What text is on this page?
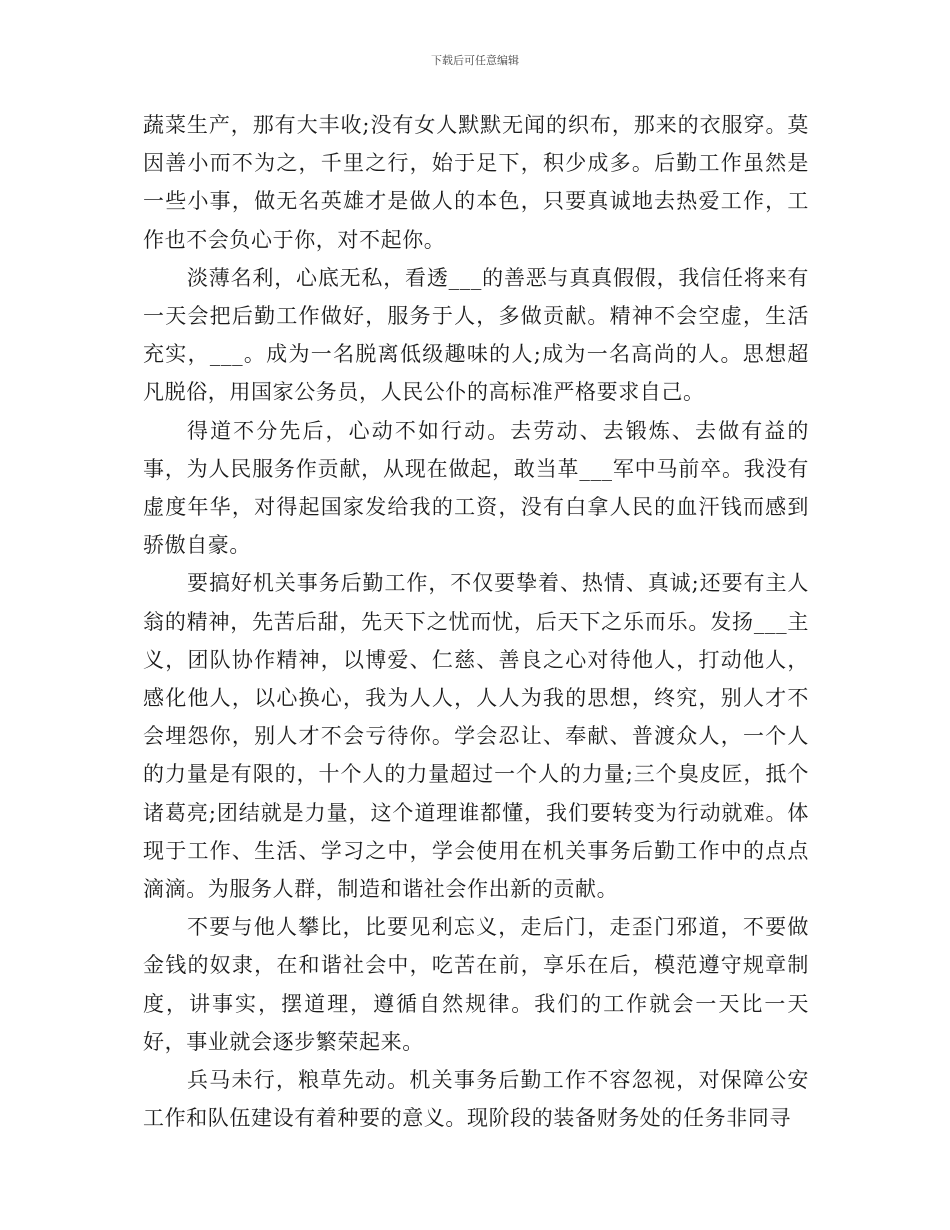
下载后可任意编辑

蔬菜生产，那有大丰收;没有女人默默无闻的织布，那来的衣服穿。莫因善小而不为之，千里之行，始于足下，积少成多。后勤工作虽然是一些小事，做无名英雄才是做人的本色，只要真诚地去热爱工作，工作也不会负心于你，对不起你。

淡薄名利，心底无私，看透___的善恶与真真假假，我信任将来有一天会把后勤工作做好，服务于人，多做贡献。精神不会空虚，生活充实，___。成为一名脱离低级趣味的人;成为一名高尚的人。思想超凡脱俗，用国家公务员，人民公仆的高标准严格要求自己。

得道不分先后，心动不如行动。去劳动、去锻炼、去做有益的事，为人民服务作贡献，从现在做起，敢当革___军中马前卒。我没有虚度年华，对得起国家发给我的工资，没有白拿人民的血汗钱而感到骄傲自豪。

要搞好机关事务后勤工作，不仅要挚着、热情、真诚;还要有主人翁的精神，先苦后甜，先天下之忧而忧，后天下之乐而乐。发扬___主义，团队协作精神，以博爱、仁慈、善良之心对待他人，打动他人，感化他人，以心换心，我为人人，人人为我的思想，终究，别人才不会埋怨你，别人才不会亏待你。学会忍让、奉献、普渡众人，一个人的力量是有限的，十个人的力量超过一个人的力量;三个臭皮匠，抵个诸葛亮;团结就是力量，这个道理谁都懂，我们要转变为行动就难。体现于工作、生活、学习之中，学会使用在机关事务后勤工作中的点点滴滴。为服务人群，制造和谐社会作出新的贡献。

不要与他人攀比，比要见利忘义，走后门，走歪门邪道，不要做金钱的奴隶，在和谐社会中，吃苦在前，享乐在后，模范遵守规章制度，讲事实，摆道理，遵循自然规律。我们的工作就会一天比一天好，事业就会逐步繁荣起来。

兵马未行，粮草先动。机关事务后勤工作不容忽视，对保障公安工作和队伍建设有着种要的意义。现阶段的装备财务处的任务非同寻
